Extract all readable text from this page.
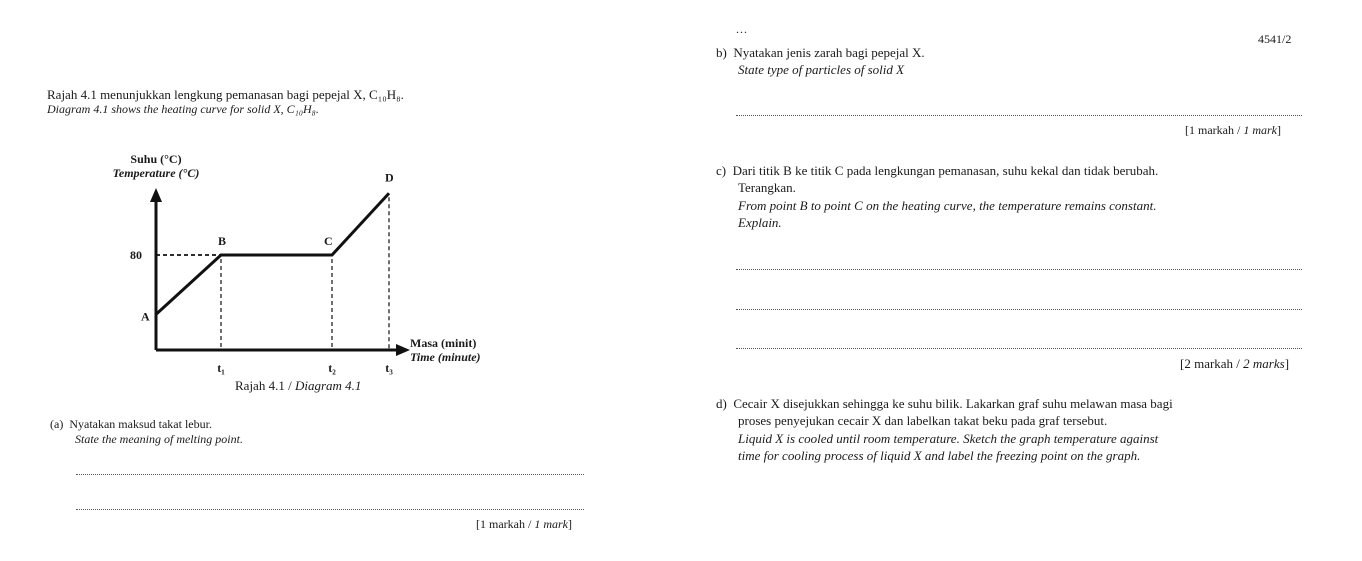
Rajah 4.1 menunjukkan lengkung pemanasan bagi pepejal X, C₁₀H₈.
Diagram 4.1 shows the heating curve for solid X, C₁₀H₈.
Suhu (°C)
Temperature (°C)
Masa (minit)
Time (minute)
A
B	C
D
80
t₁	t₂	t₃
Rajah 4.1 / Diagram 4.1
(a) Nyatakan maksud takat lebur.
State the meaning of melting point.
[1 markah / 1 mark]
...
4541/2
b) Nyatakan jenis zarah bagi pepejal X.
State type of particles of solid X
[1 markah / 1 mark]
c) Dari titik B ke titik C pada lengkungan pemanasan, suhu kekal dan tidak berubah.
Terangkan.
From point B to point C on the heating curve, the temperature remains constant.
Explain.
[2 markah / 2 marks]
d) Cecair X disejukkan sehingga ke suhu bilik. Lakarkan graf suhu melawan masa bagi
proses penyejukan cecair X dan labelkan takat beku pada graf tersebut.
Liquid X is cooled until room temperature. Sketch the graph temperature against
time for cooling process of liquid X and label the freezing point on the graph.
